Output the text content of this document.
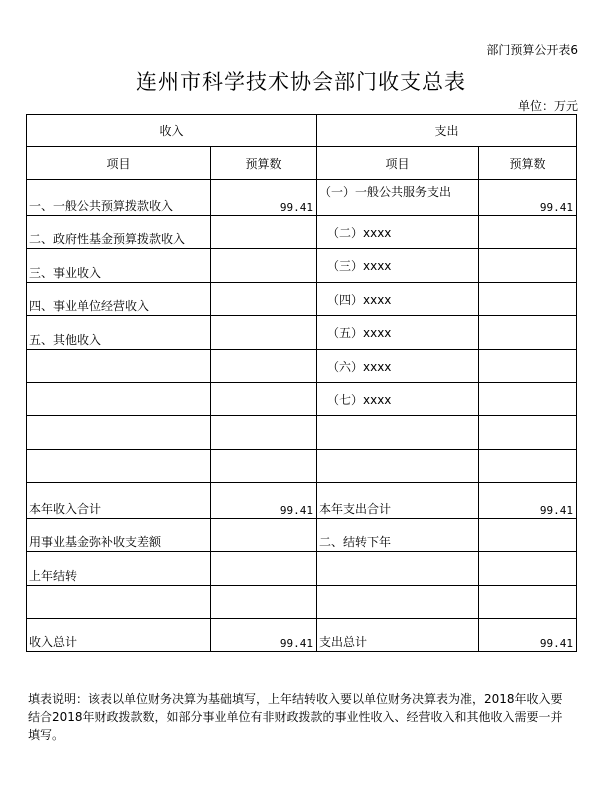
部门预算公开表6
连州市科学技术协会部门收支总表
单位：万元
收入		支出	
项目	预算数	项目	预算数
一、一般公共预算拨款收入	99.41	（一）一般公共服务支出	99.41
二、政府性基金预算拨款收入		（二）xxxx	
三、事业收入		（三）xxxx	
四、事业单位经营收入		（四）xxxx	
五、其他收入		（五）xxxx	
		（六）xxxx	
		（七）xxxx	

本年收入合计	99.41	本年支出合计	99.41
用事业基金弥补收支差额		二、结转下年	
上年结转			

收入总计	99.41	支出总计	99.41
填表说明：该表以单位财务决算为基础填写，上年结转收入要以单位财务决算表为准，2018年收入要结合2018年财政拨款数，如部分事业单位有非财政拨款的事业性收入、经营收入和其他收入需要一并填写。
